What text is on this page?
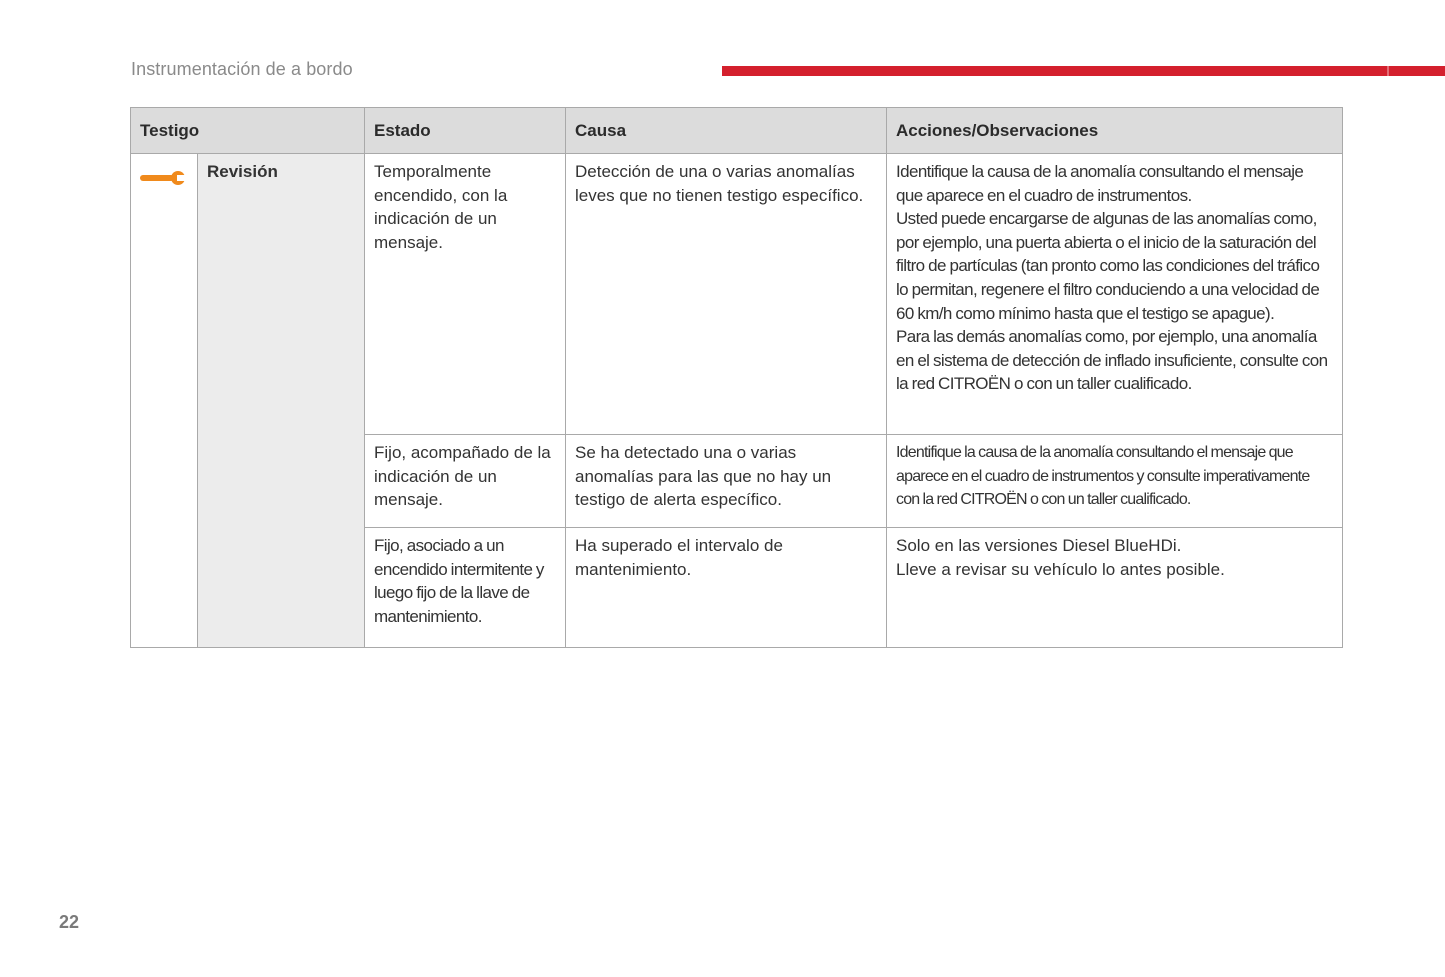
Instrumentación de a bordo
Testigo		Estado	Causa	Acciones/Observaciones
	Revisión	Temporalmente encendido, con la indicación de un mensaje.	Detección de una o varias anomalías leves que no tienen testigo específico.	Identifique la causa de la anomalía consultando el mensaje que aparece en el cuadro de instrumentos.
Usted puede encargarse de algunas de las anomalías como, por ejemplo, una puerta abierta o el inicio de la saturación del filtro de partículas (tan pronto como las condiciones del tráfico lo permitan, regenere el filtro conduciendo a una velocidad de 60 km/h como mínimo hasta que el testigo se apague).
Para las demás anomalías como, por ejemplo, una anomalía en el sistema de detección de inflado insuficiente, consulte con la red CITROËN o con un taller cualificado.

		Fijo, acompañado de la indicación de un mensaje.	Se ha detectado una o varias anomalías para las que no hay un testigo de alerta específico.	Identifique la causa de la anomalía consultando el mensaje que aparece en el cuadro de instrumentos y consulte imperativamente con la red CITROËN o con un taller cualificado.

		Fijo, asociado a un encendido intermitente y luego fijo de la llave de mantenimiento.	Ha superado el intervalo de mantenimiento.	Solo en las versiones Diesel BlueHDi.
Lleve a revisar su vehículo lo antes posible.
22
